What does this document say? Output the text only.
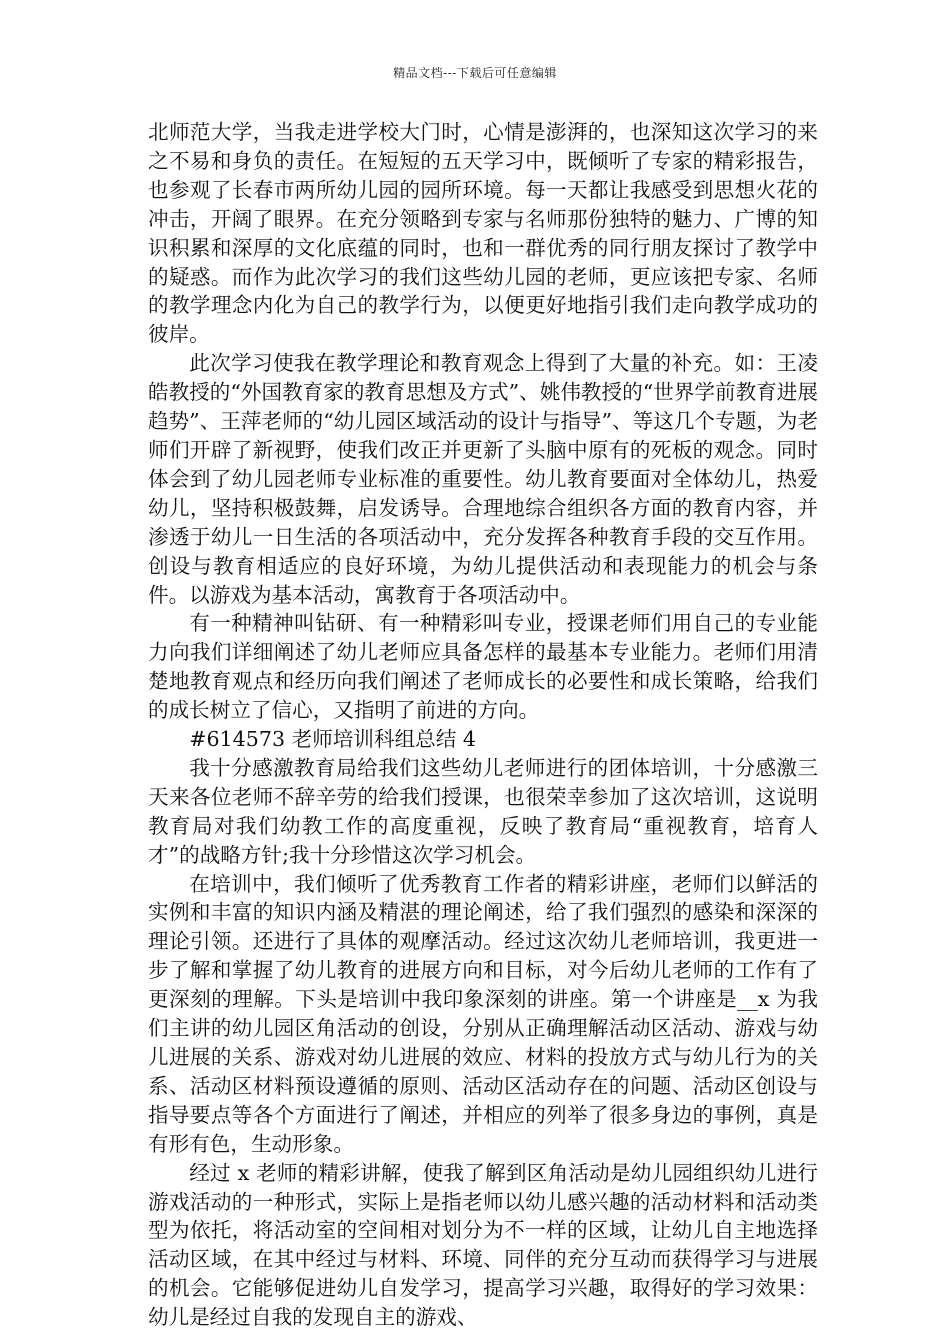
精品文档---下载后可任意编辑

北师范大学，当我走进学校大门时，心情是澎湃的，也深知这次学习的来之不易和身负的责任。在短短的五天学习中，既倾听了专家的精彩报告，也参观了长春市两所幼儿园的园所环境。每一天都让我感受到思想火花的冲击，开阔了眼界。在充分领略到专家与名师那份独特的魅力、广博的知识积累和深厚的文化底蕴的同时，也和一群优秀的同行朋友探讨了教学中的疑惑。而作为此次学习的我们这些幼儿园的老师，更应该把专家、名师的教学理念内化为自己的教学行为，以便更好地指引我们走向教学成功的彼岸。

此次学习使我在教学理论和教育观念上得到了大量的补充。如：王凌皓教授的“外国教育家的教育思想及方式”、姚伟教授的“世界学前教育进展趋势”、王萍老师的“幼儿园区域活动的设计与指导”、等这几个专题，为老师们开辟了新视野，使我们改正并更新了头脑中原有的死板的观念。同时体会到了幼儿园老师专业标准的重要性。幼儿教育要面对全体幼儿，热爱幼儿，坚持积极鼓舞，启发诱导。合理地综合组织各方面的教育内容，并渗透于幼儿一日生活的各项活动中，充分发挥各种教育手段的交互作用。创设与教育相适应的良好环境，为幼儿提供活动和表现能力的机会与条件。以游戏为基本活动，寓教育于各项活动中。

有一种精神叫钻研、有一种精彩叫专业，授课老师们用自己的专业能力向我们详细阐述了幼儿老师应具备怎样的最基本专业能力。老师们用清楚地教育观点和经历向我们阐述了老师成长的必要性和成长策略，给我们的成长树立了信心，又指明了前进的方向。

#614573 老师培训科组总结 4

我十分感激教育局给我们这些幼儿老师进行的团体培训，十分感激三天来各位老师不辞辛劳的给我们授课，也很荣幸参加了这次培训，这说明教育局对我们幼教工作的高度重视，反映了教育局“重视教育，培育人才”的战略方针;我十分珍惜这次学习机会。

在培训中，我们倾听了优秀教育工作者的精彩讲座，老师们以鲜活的实例和丰富的知识内涵及精湛的理论阐述，给了我们强烈的感染和深深的理论引领。还进行了具体的观摩活动。经过这次幼儿老师培训，我更进一步了解和掌握了幼儿教育的进展方向和目标，对今后幼儿老师的工作有了更深刻的理解。下头是培训中我印象深刻的讲座。第一个讲座是__x 为我们主讲的幼儿园区角活动的创设，分别从正确理解活动区活动、游戏与幼儿进展的关系、游戏对幼儿进展的效应、材料的投放方式与幼儿行为的关系、活动区材料预设遵循的原则、活动区活动存在的问题、活动区创设与指导要点等各个方面进行了阐述，并相应的列举了很多身边的事例，真是有形有色，生动形象。

经过 x 老师的精彩讲解，使我了解到区角活动是幼儿园组织幼儿进行游戏活动的一种形式，实际上是指老师以幼儿感兴趣的活动材料和活动类型为依托，将活动室的空间相对划分为不一样的区域，让幼儿自主地选择活动区域，在其中经过与材料、环境、同伴的充分互动而获得学习与进展的机会。它能够促进幼儿自发学习，提高学习兴趣，取得好的学习效果：幼儿是经过自我的发现自主的游戏、
